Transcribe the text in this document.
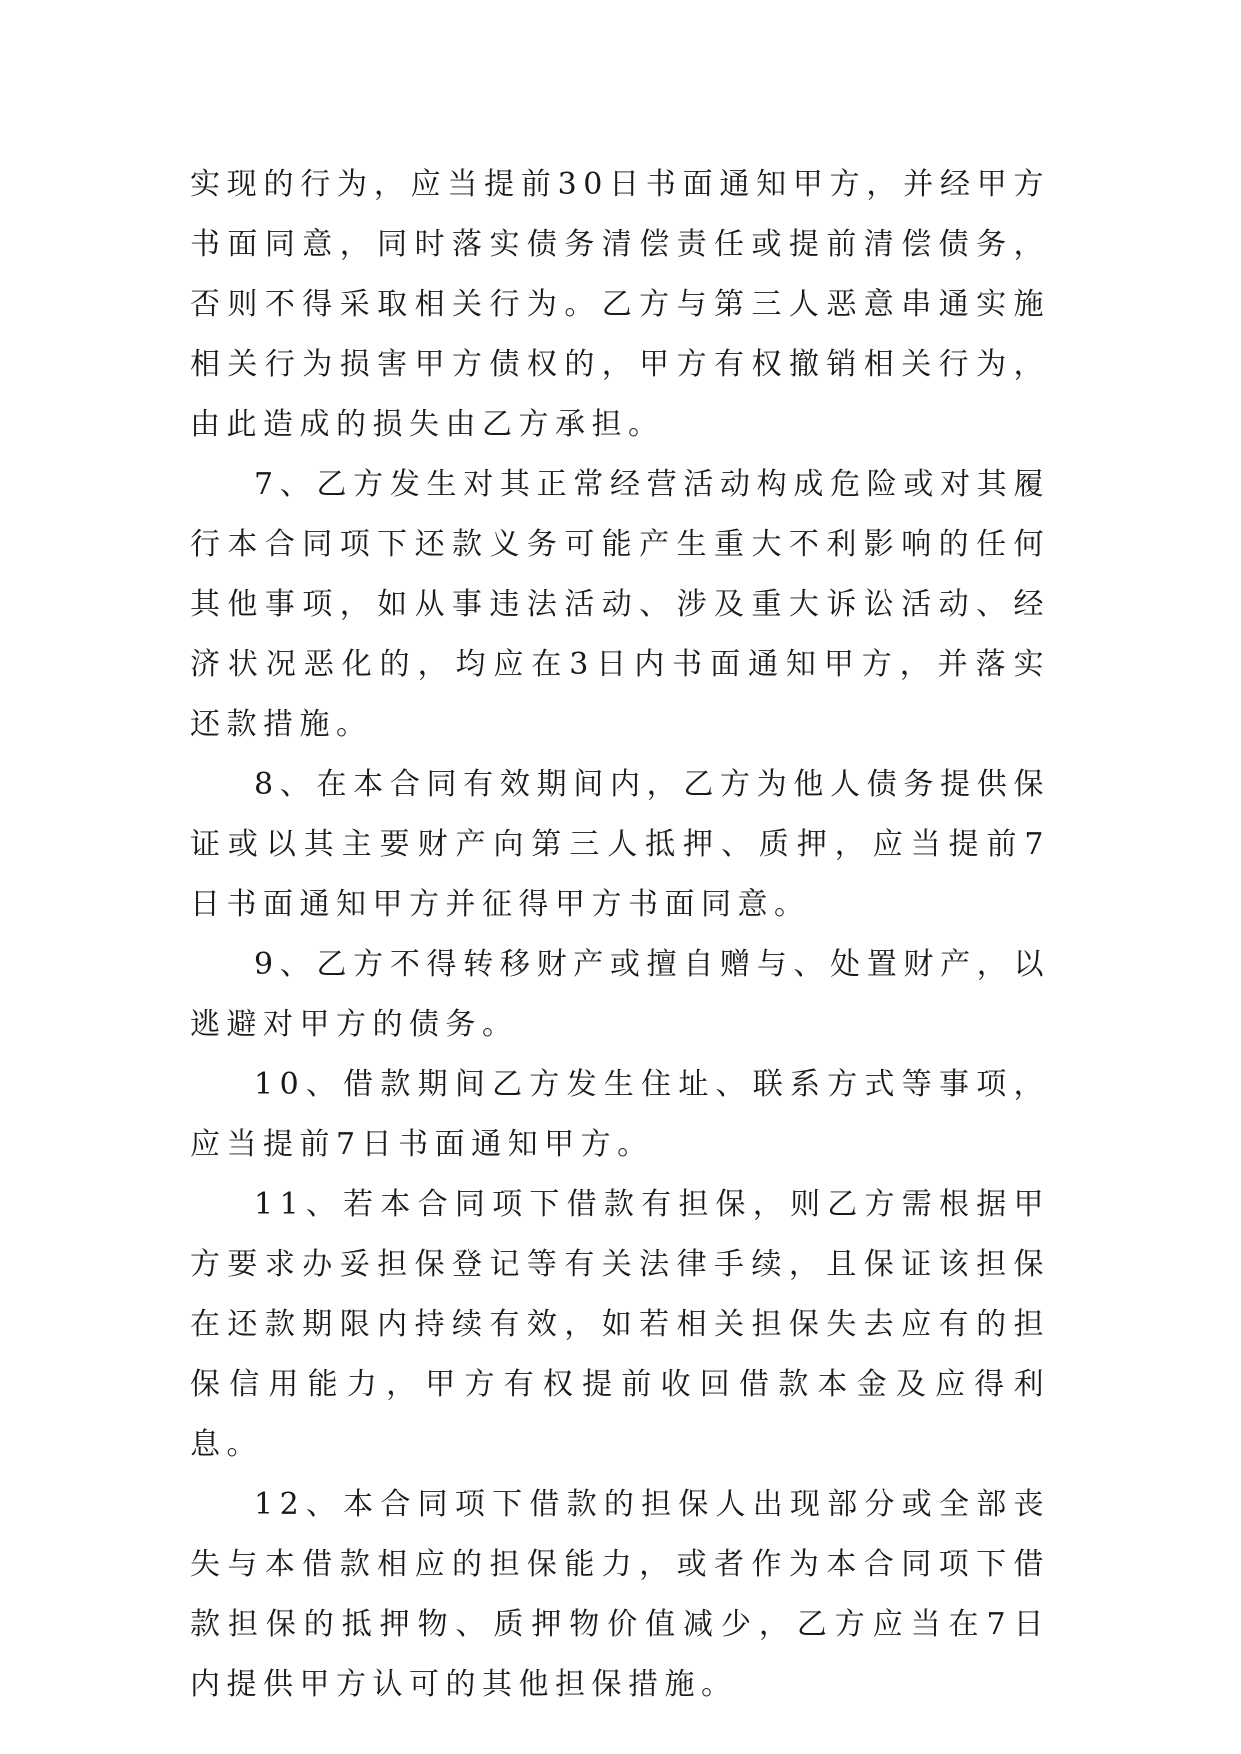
实现的行为，应当提前30日书面通知甲方，并经甲方书面同意，同时落实债务清偿责任或提前清偿债务，否则不得采取相关行为。乙方与第三人恶意串通实施相关行为损害甲方债权的，甲方有权撤销相关行为，由此造成的损失由乙方承担。

7、乙方发生对其正常经营活动构成危险或对其履行本合同项下还款义务可能产生重大不利影响的任何其他事项，如从事违法活动、涉及重大诉讼活动、经济状况恶化的，均应在3日内书面通知甲方，并落实还款措施。

8、在本合同有效期间内，乙方为他人债务提供保证或以其主要财产向第三人抵押、质押，应当提前7日书面通知甲方并征得甲方书面同意。

9、乙方不得转移财产或擅自赠与、处置财产，以逃避对甲方的债务。

10、借款期间乙方发生住址、联系方式等事项，应当提前7日书面通知甲方。

11、若本合同项下借款有担保，则乙方需根据甲方要求办妥担保登记等有关法律手续，且保证该担保在还款期限内持续有效，如若相关担保失去应有的担保信用能力，甲方有权提前收回借款本金及应得利息。

12、本合同项下借款的担保人出现部分或全部丧失与本借款相应的担保能力，或者作为本合同项下借款担保的抵押物、质押物价值减少，乙方应当在7日内提供甲方认可的其他担保措施。
